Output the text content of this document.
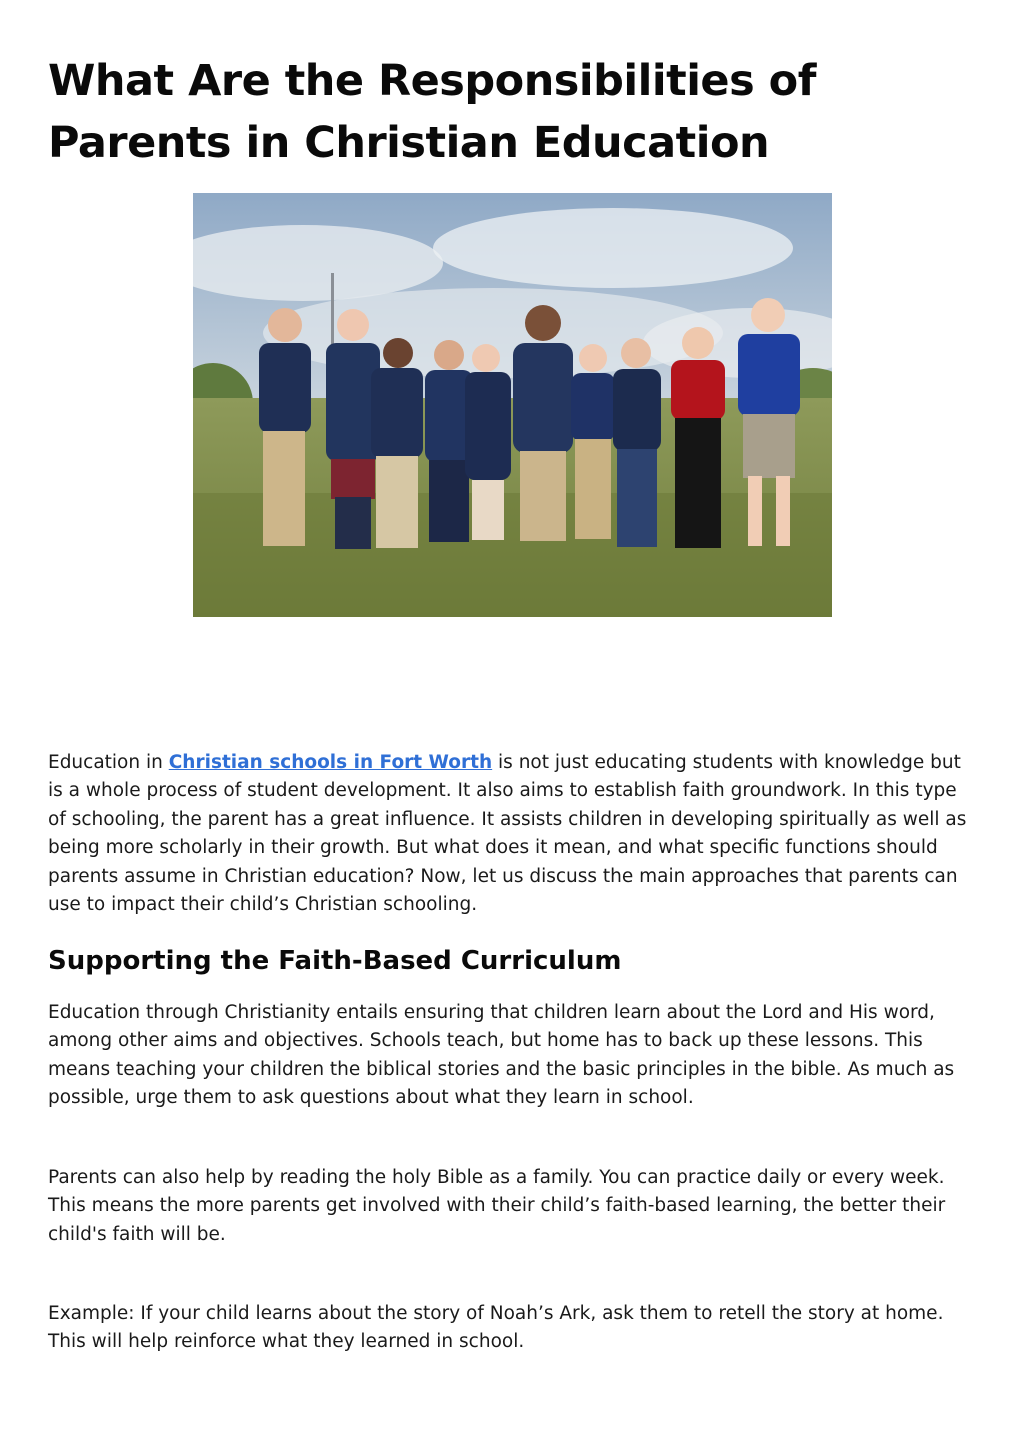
What Are the Responsibilities of Parents in Christian Education

Education in Christian schools in Fort Worth is not just educating students with knowledge but is a whole process of student development. It also aims to establish faith groundwork. In this type of schooling, the parent has a great influence. It assists children in developing spiritually as well as being more scholarly in their growth. But what does it mean, and what specific functions should parents assume in Christian education? Now, let us discuss the main approaches that parents can use to impact their child’s Christian schooling.

Supporting the Faith-Based Curriculum

Education through Christianity entails ensuring that children learn about the Lord and His word, among other aims and objectives. Schools teach, but home has to back up these lessons. This means teaching your children the biblical stories and the basic principles in the bible. As much as possible, urge them to ask questions about what they learn in school.

Parents can also help by reading the holy Bible as a family. You can practice daily or every week. This means the more parents get involved with their child’s faith-based learning, the better their child's faith will be.

Example: If your child learns about the story of Noah’s Ark, ask them to retell the story at home. This will help reinforce what they learned in school.
